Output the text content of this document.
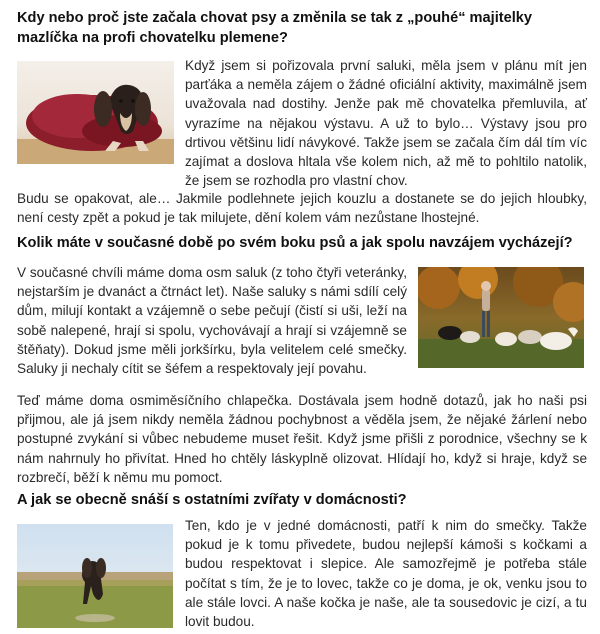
Kdy nebo proč jste začala chovat psy a změnila se tak z „pouhé“ majitelky mazlíčka na profi chovatelku plemene?

Když jsem si pořizovala první saluki, měla jsem v plánu mít jen parťáka a neměla zájem o žádné oficiální aktivity, maximálně jsem uvažovala nad dostihy. Jenže pak mě chovatelka přemluvila, ať vyrazíme na nějakou výstavu. A už to bylo… Výstavy jsou pro drtivou většinu lidí návykové. Takže jsem se začala čím dál tím víc zajímat a doslova hltala vše kolem nich, až mě to pohltilo natolik, že jsem se rozhodla pro vlastní chov.

Budu se opakovat, ale… Jakmile podlehnete jejich kouzlu a dostanete se do jejich hloubky, není cesty zpět a pokud je tak milujete, dění kolem vám nezůstane lhostejné.

Kolik máte v současné době po svém boku psů a jak spolu navzájem vycházejí?

V současné chvíli máme doma osm saluk (z toho čtyři veteránky, nejstarším je dvanáct a čtrnáct let). Naše saluky s námi sdílí celý dům, milují kontakt a vzájemně o sebe pečují (čistí si uši, leží na sobě nalepené, hrají si spolu, vychovávají a hrají si vzájemně se štěňaty). Dokud jsme měli jorkšírku, byla velitelem celé smečky. Saluky ji nechaly cítit se šéfem a respektovaly její povahu.

Teď máme doma osmiměsíčního chlapečka. Dostávala jsem hodně dotazů, jak ho naši psi přijmou, ale já jsem nikdy neměla žádnou pochybnost a věděla jsem, že nějaké žárlení nebo postupné zvykání si vůbec nebudeme muset řešit. Když jsme přišli z porodnice, všechny se k nám nahrnuly ho přivítat. Hned ho chtěly láskyplně olizovat. Hlídají ho, když si hraje, když se rozbrečí, běží k němu mu pomoct.

A jak se obecně snáší s ostatními zvířaty v domácnosti?

Ten, kdo je v jedné domácnosti, patří k nim do smečky. Takže pokud je k tomu přivedete, budou nejlepší kámoši s kočkami a budou respektovat i slepice. Ale samozřejmě je potřeba stále počítat s tím, že je to lovec, takže co je doma, je ok, venku jsou to ale stále lovci. A naše kočka je naše, ale ta sousedovic je cizí, a tu lovit budou.
